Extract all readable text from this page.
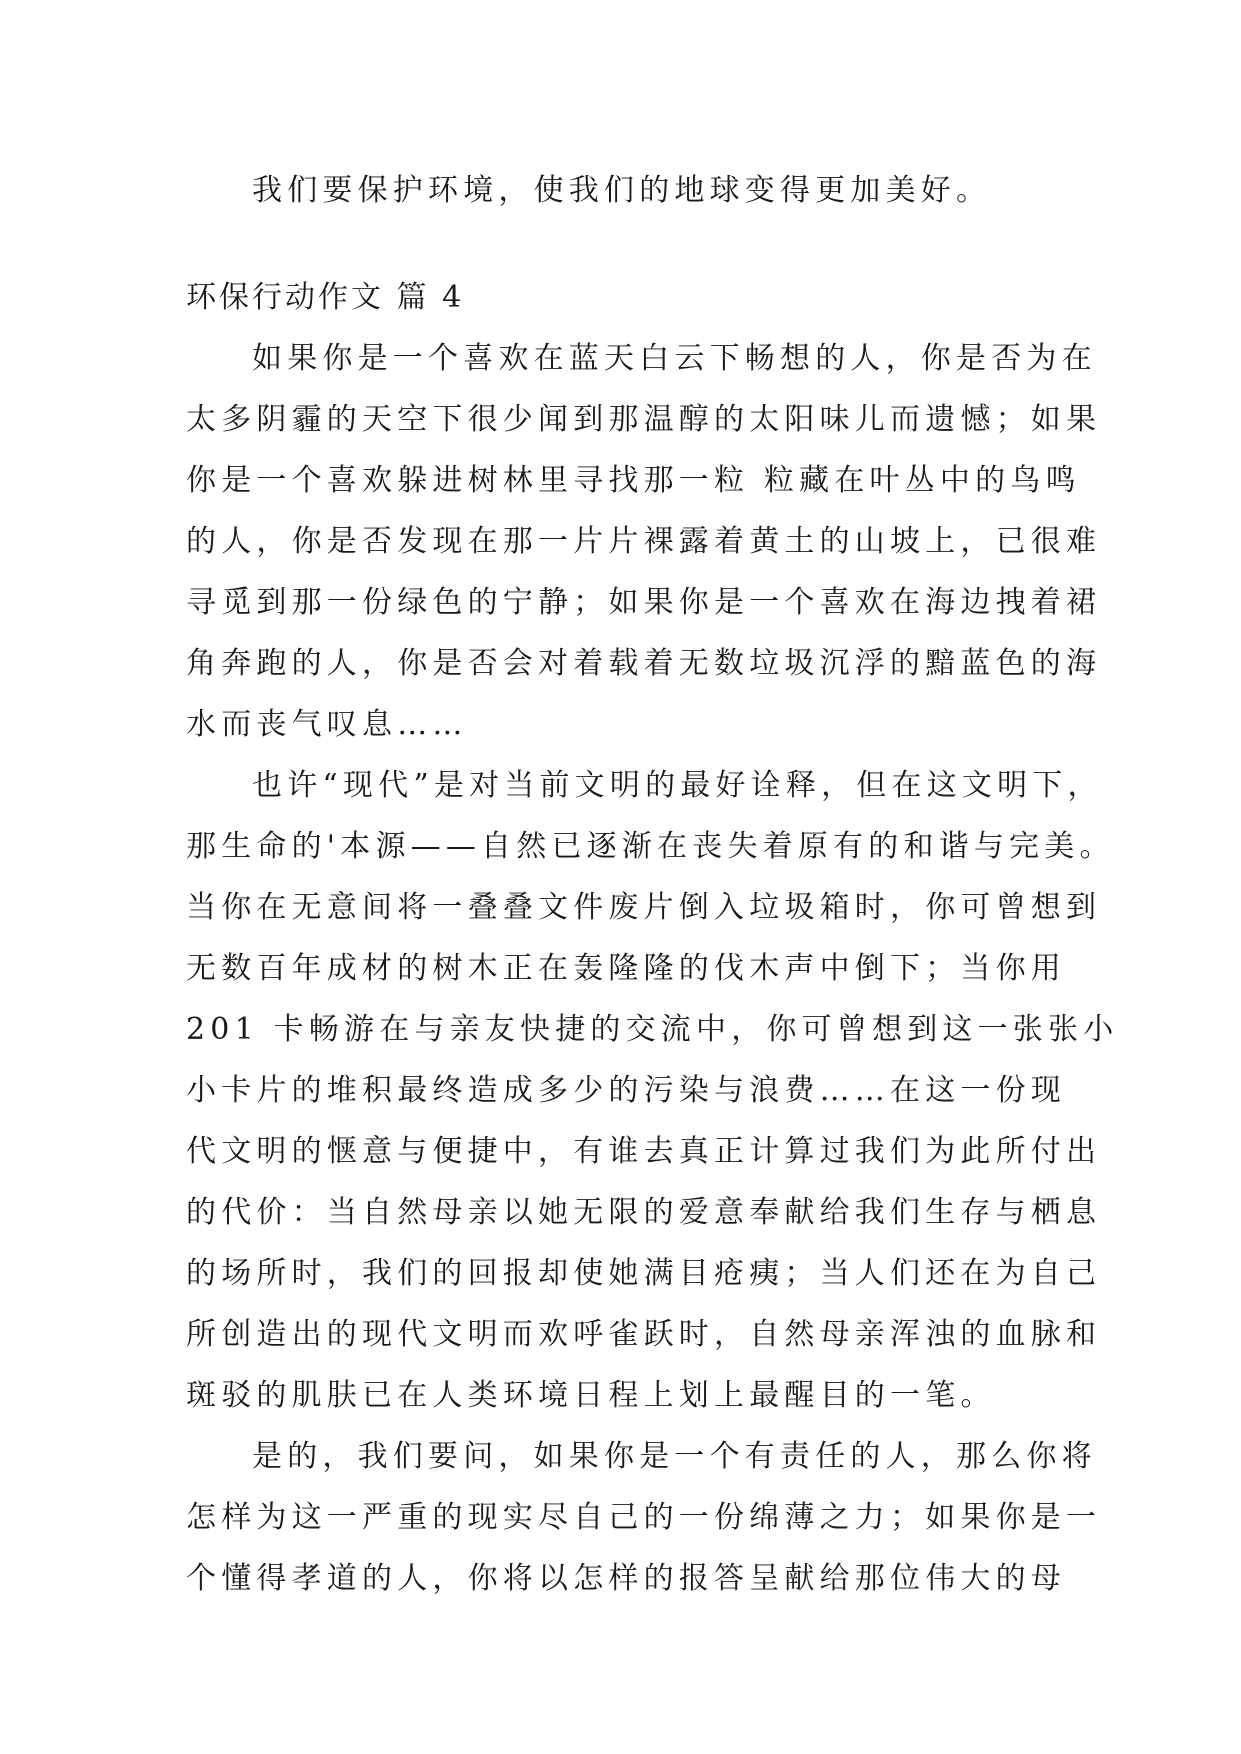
我们要保护环境，使我们的地球变得更加美好。
环保行动作文 篇 4
如果你是一个喜欢在蓝天白云下畅想的人，你是否为在
太多阴霾的天空下很少闻到那温醇的太阳味儿而遗憾；如果
你是一个喜欢躲进树林里寻找那一粒 粒藏在叶丛中的鸟鸣
的人，你是否发现在那一片片裸露着黄土的山坡上，已很难
寻觅到那一份绿色的宁静；如果你是一个喜欢在海边拽着裙
角奔跑的人，你是否会对着载着无数垃圾沉浮的黯蓝色的海
水而丧气叹息……
也许“现代”是对当前文明的最好诠释，但在这文明下，
那生命的'本源——自然已逐渐在丧失着原有的和谐与完美。
当你在无意间将一叠叠文件废片倒入垃圾箱时，你可曾想到
无数百年成材的树木正在轰隆隆的伐木声中倒下；当你用
201 卡畅游在与亲友快捷的交流中，你可曾想到这一张张小
小卡片的堆积最终造成多少的污染与浪费……在这一份现
代文明的惬意与便捷中，有谁去真正计算过我们为此所付出
的代价：当自然母亲以她无限的爱意奉献给我们生存与栖息
的场所时，我们的回报却使她满目疮痍；当人们还在为自己
所创造出的现代文明而欢呼雀跃时，自然母亲浑浊的血脉和
斑驳的肌肤已在人类环境日程上划上最醒目的一笔。
是的，我们要问，如果你是一个有责任的人，那么你将
怎样为这一严重的现实尽自己的一份绵薄之力；如果你是一
个懂得孝道的人，你将以怎样的报答呈献给那位伟大的母
